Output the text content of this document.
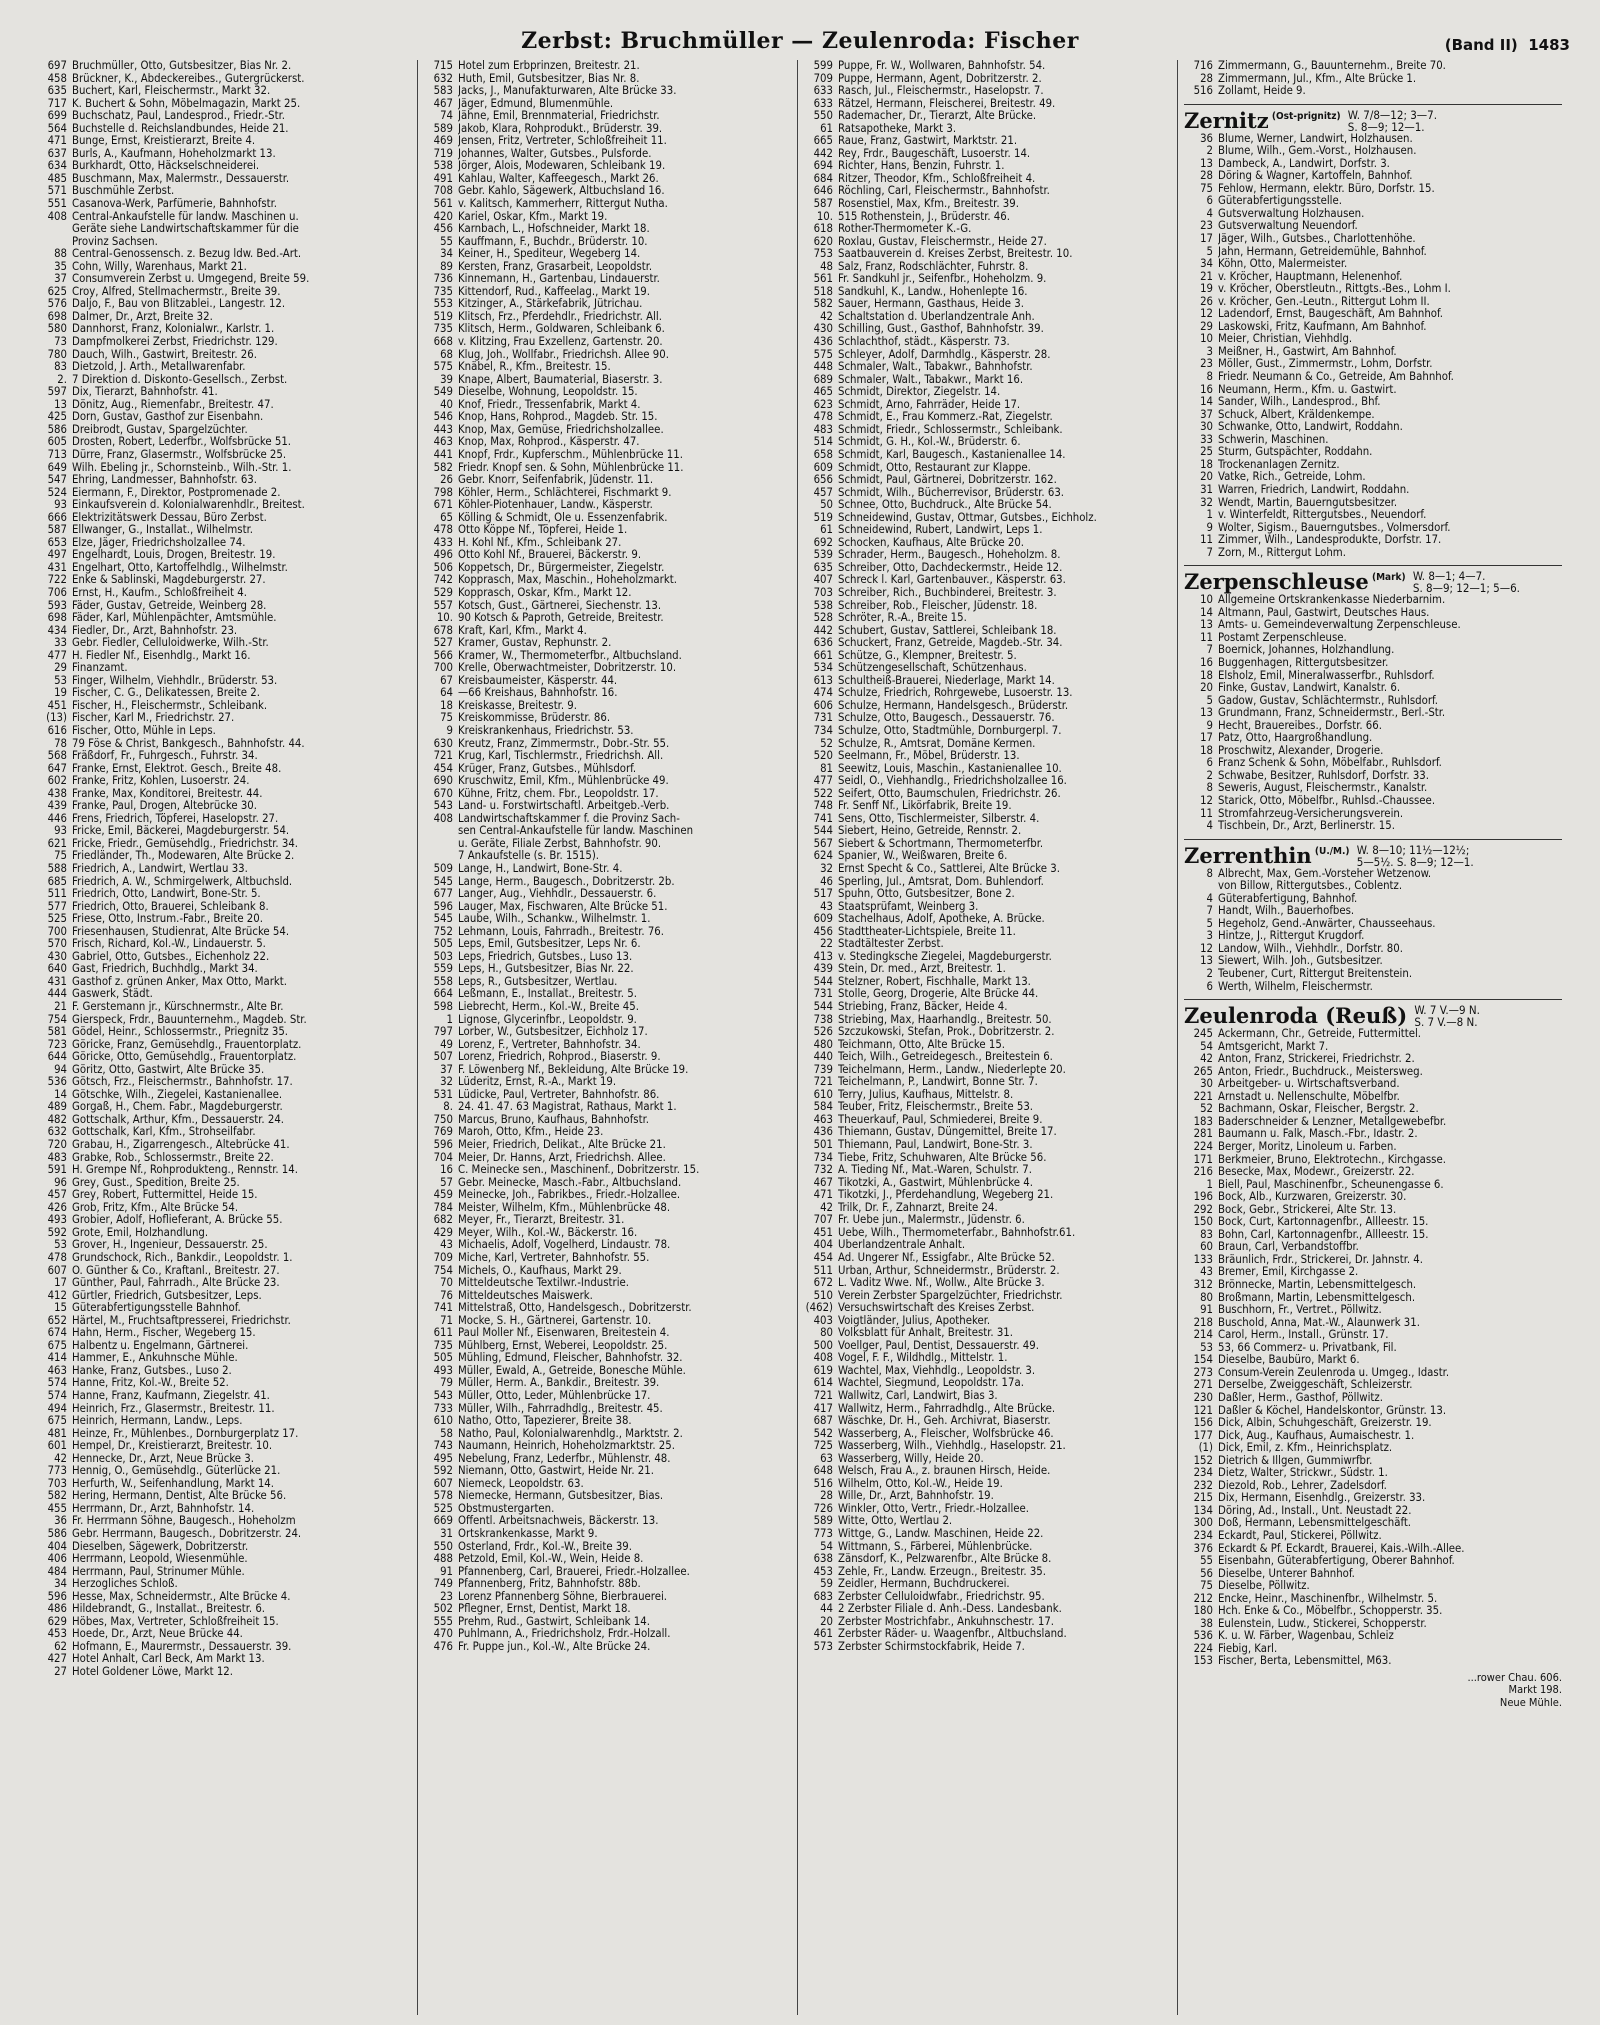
Zerbst: Bruchmüller — Zeulenroda: Fischer	(Band II) 1483
697 Bruchmüller, Otto, Gutsbesitzer, Bias Nr. 2.
458 Brückner, K., Abdeckereibes., Gutergrückerst.
635 Buchert, Karl, Fleischermstr., Markt 32.
717 K. Buchert & Sohn, Möbelmagazin, Markt 25.
699 Buchschatz, Paul, Landesprod., Friedr.-Str.
564 Buchstelle d. Reichslandbundes, Heide 21.
471 Bunge, Ernst, Kreistierarzt, Breite 4.
637 Burls, A., Kaufmann, Hoheholzmarkt 13.
634 Burkhardt, Otto, Häckselschneiderei.
485 Buschmann, Max, Malermstr., Dessauerstr.
571 Buschmühle Zerbst.
551 Casanova-Werk, Parfümerie, Bahnhofstr.
408 Central-Ankaufstelle für landw. Maschinen u.
Geräte siehe Landwirtschaftskammer für die
Provinz Sachsen.
88 Central-Genossensch. z. Bezug ldw. Bed.-Art.
35 Cohn, Willy, Warenhaus, Markt 21.
37 Consumverein Zerbst u. Umgegend, Breite 59.
625 Croy, Alfred, Stellmachermstr., Breite 39.
576 Daljo, F., Bau von Blitzablei., Langestr. 12.
698 Dalmer, Dr., Arzt, Breite 32.
580 Dannhorst, Franz, Kolonialwr., Karlstr. 1.
73 Dampfmolkerei Zerbst, Friedrichstr. 129.
780 Dauch, Wilh., Gastwirt, Breitestr. 26.
83 Dietzold, J. Arth., Metallwarenfabr.
2. 7 Direktion d. Diskonto-Gesellsch., Zerbst.
597 Dix, Tierarzt, Bahnhofstr. 41.
13 Dönitz, Aug., Riemenfabr., Breitestr. 47.
425 Dorn, Gustav, Gasthof zur Eisenbahn.
586 Dreibrodt, Gustav, Spargelzüchter.
605 Drosten, Robert, Lederfbr., Wolfsbrücke 51.
713 Dürre, Franz, Glasermstr., Wolfsbrücke 25.
649 Wilh. Ebeling jr., Schornsteinb., Wilh.-Str. 1.
547 Ehring, Landmesser, Bahnhofstr. 63.
524 Eiermann, F., Direktor, Postpromenade 2.
93 Einkaufsverein d. Kolonialwarenhdlr., Breitest.
666 Elektrizitätswerk Dessau, Büro Zerbst.
587 Ellwanger, G., Installat., Wilhelmstr.
653 Elze, Jäger, Friedrichsholzallee 74.
497 Engelhardt, Louis, Drogen, Breitestr. 19.
431 Engelhart, Otto, Kartoffelhdlg., Wilhelmstr.
722 Enke & Sablinski, Magdeburgerstr. 27.
706 Ernst, H., Kaufm., Schloßfreiheit 4.
593 Fäder, Gustav, Getreide, Weinberg 28.
698 Fäder, Karl, Mühlenpächter, Amtsmühle.
434 Fiedler, Dr., Arzt, Bahnhofstr. 23.
33 Gebr. Fiedler, Celluloidwerke, Wilh.-Str.
477 H. Fiedler Nf., Eisenhdlg., Markt 16.
29 Finanzamt.
53 Finger, Wilhelm, Viehhdlr., Brüderstr. 53.
19 Fischer, C. G., Delikatessen, Breite 2.
451 Fischer, H., Fleischermstr., Schleibank.
(13) Fischer, Karl M., Friedrichstr. 27.
616 Fischer, Otto, Mühle in Leps.
78 79 Föse & Christ, Bankgesch., Bahnhofstr. 44.
568 Fräßdorf, Fr., Fuhrgesch., Fuhrstr. 34.
647 Franke, Ernst, Elektrot. Gesch., Breite 48.
602 Franke, Fritz, Kohlen, Lusoerstr. 24.
438 Franke, Max, Konditorei, Breitestr. 44.
439 Franke, Paul, Drogen, Altebrücke 30.
446 Frens, Friedrich, Töpferei, Haselopstr. 27.
93 Fricke, Emil, Bäckerei, Magdeburgerstr. 54.
621 Fricke, Friedr., Gemüsehdlg., Friedrichstr. 34.
75 Friedländer, Th., Modewaren, Alte Brücke 2.
588 Friedrich, A., Landwirt, Wertlau 33.
685 Friedrich, A. W., Schmirgelwerk, Altbuchsld.
511 Friedrich, Otto, Landwirt, Bone-Str. 5.
577 Friedrich, Otto, Brauerei, Schleibank 8.
525 Friese, Otto, Instrum.-Fabr., Breite 20.
700 Friesenhausen, Studienrat, Alte Brücke 54.
570 Frisch, Richard, Kol.-W., Lindauerstr. 5.
430 Gabriel, Otto, Gutsbes., Eichenholz 22.
640 Gast, Friedrich, Buchhdlg., Markt 34.
431 Gasthof z. grünen Anker, Max Otto, Markt.
444 Gaswerk, Städt.
21 F. Gerstemann jr., Kürschnermstr., Alte Br.
754 Gierspeck, Frdr., Bauunternehm., Magdeb. Str.
581 Gödel, Heinr., Schlossermstr., Priegnitz 35.
723 Göricke, Franz, Gemüsehdlg., Frauentorplatz.
644 Göricke, Otto, Gemüsehdlg., Frauentorplatz.
94 Göritz, Otto, Gastwirt, Alte Brücke 35.
536 Götsch, Frz., Fleischermstr., Bahnhofstr. 17.
14 Götschke, Wilh., Ziegelei, Kastanienallee.
489 Gorgaß, H., Chem. Fabr., Magdeburgerstr.
482 Gottschalk, Arthur, Kfm., Dessauerstr. 24.
632 Gottschalk, Karl, Kfm., Strohseilfabr.
720 Grabau, H., Zigarrengesch., Altebrücke 41.
483 Grabke, Rob., Schlossermstr., Breite 22.
591 H. Grempe Nf., Rohprodukteng., Rennstr. 14.
96 Grey, Gust., Spedition, Breite 25.
457 Grey, Robert, Futtermittel, Heide 15.
426 Grob, Fritz, Kfm., Alte Brücke 54.
493 Grobier, Adolf, Hoflieferant, A. Brücke 55.
592 Grote, Emil, Holzhandlung.
53 Grover, H., Ingenieur, Dessauerstr. 25.
478 Grundschock, Rich., Bankdir., Leopoldstr. 1.
607 O. Günther & Co., Kraftanl., Breitestr. 27.
17 Günther, Paul, Fahrradh., Alte Brücke 23.
412 Gürtler, Friedrich, Gutsbesitzer, Leps.
15 Güterabfertigungsstelle Bahnhof.
652 Härtel, M., Fruchtsaftpresserei, Friedrichstr.
674 Hahn, Herm., Fischer, Wegeberg 15.
675 Halbentz u. Engelmann, Gärtnerei.
414 Hammer, E., Ankuhnsche Mühle.
463 Hanke, Franz, Gutsbes., Luso 2.
574 Hanne, Fritz, Kol.-W., Breite 52.
574 Hanne, Franz, Kaufmann, Ziegelstr. 41.
494 Heinrich, Frz., Glasermstr., Breitestr. 11.
675 Heinrich, Hermann, Landw., Leps.
481 Heinze, Fr., Mühlenbes., Dornburgerplatz 17.
601 Hempel, Dr., Kreistierarzt, Breitestr. 10.
42 Hennecke, Dr., Arzt, Neue Brücke 3.
773 Hennig, O., Gemüsehdlg., Güterlücke 21.
703 Herfurth, W., Seifenhandlung, Markt 14.
582 Hering, Hermann, Dentist, Alte Brücke 56.
455 Herrmann, Dr., Arzt, Bahnhofstr. 14.
36 Fr. Herrmann Söhne, Baugesch., Hoheholzm
586 Gebr. Herrmann, Baugesch., Dobritzerstr. 24.
404 Dieselben, Sägewerk, Dobritzerstr.
406 Herrmann, Leopold, Wiesenmühle.
484 Herrmann, Paul, Strinumer Mühle.
34 Herzogliches Schloß.
596 Hesse, Max, Schneidermstr., Alte Brücke 4.
486 Hildebrandt, G., Installat., Breitestr. 6.
629 Höbes, Max, Vertreter, Schloßfreiheit 15.
453 Hoede, Dr., Arzt, Neue Brücke 44.
62 Hofmann, E., Maurermstr., Dessauerstr. 39.
427 Hotel Anhalt, Carl Beck, Am Markt 13.
27 Hotel Goldener Löwe, Markt 12.
715 Hotel zum Erbprinzen, Breitestr. 21.
632 Huth, Emil, Gutsbesitzer, Bias Nr. 8.
583 Jacks, J., Manufakturwaren, Alte Brücke 33.
467 Jäger, Edmund, Blumenmühle.
74 Jähne, Emil, Brennmaterial, Friedrichstr.
589 Jakob, Klara, Rohprodukt., Brüderstr. 39.
469 Jensen, Fritz, Vertreter, Schloßfreiheit 11.
719 Johannes, Walter, Gutsbes., Pulsforde.
538 Jörger, Alois, Modewaren, Schleibank 19.
491 Kahlau, Walter, Kaffeegesch., Markt 26.
708 Gebr. Kahlo, Sägewerk, Altbuchsland 16.
561 v. Kalitsch, Kammerherr, Rittergut Nutha.
420 Kariel, Oskar, Kfm., Markt 19.
456 Karnbach, L., Hofschneider, Markt 18.
55 Kauffmann, F., Buchdr., Brüderstr. 10.
34 Keiner, H., Spediteur, Wegeberg 14.
89 Kersten, Franz, Grasarbeit, Leopoldstr.
736 Kinnemann, H., Gartenbau, Lindauerstr.
735 Kittendorf, Rud., Kaffeelag., Markt 19.
553 Kitzinger, A., Stärkefabrik, Jütrichau.
519 Klitsch, Frz., Pferdehdlr., Friedrichstr. All.
735 Klitsch, Herm., Goldwaren, Schleibank 6.
668 v. Klitzing, Frau Exzellenz, Gartenstr. 20.
68 Klug, Joh., Wollfabr., Friedrichsh. Allee 90.
575 Knäbel, R., Kfm., Breitestr. 15.
39 Knape, Albert, Baumaterial, Biaserstr. 3.
549 Dieselbe, Wohnung, Leopoldstr. 15.
40 Knof, Friedr., Tressenfabrik, Markt 4.
546 Knop, Hans, Rohprod., Magdeb. Str. 15.
443 Knop, Max, Gemüse, Friedrichsholzallee.
463 Knop, Max, Rohprod., Käsperstr. 47.
441 Knopf, Frdr., Kupferschm., Mühlenbrücke 11.
582 Friedr. Knopf sen. & Sohn, Mühlenbrücke 11.
26 Gebr. Knorr, Seifenfabrik, Jüdenstr. 11.
798 Köhler, Herm., Schlächterei, Fischmarkt 9.
671 Köhler-Piotenhauer, Landw., Käsperstr.
65 Kölling & Schmidt, Öle u. Essenzenfabrik.
478 Otto Köppe Nf., Töpferei, Heide 1.
433 H. Kohl Nf., Kfm., Schleibank 27.
496 Otto Kohl Nf., Brauerei, Bäckerstr. 9.
506 Koppetsch, Dr., Bürgermeister, Ziegelstr.
742 Kopprasch, Max, Maschin., Hoheholzmarkt.
529 Kopprasch, Oskar, Kfm., Markt 12.
557 Kotsch, Gust., Gärtnerei, Siechenstr. 13.
10. 90 Kotsch & Paproth, Getreide, Breitestr.
678 Kraft, Karl, Kfm., Markt 4.
527 Kramer, Gustav, Rephunstr. 2.
566 Kramer, W., Thermometerfbr., Altbuchsland.
700 Krelle, Oberwachtmeister, Dobritzerstr. 10.
67 Kreisbaumeister, Käsperstr. 44.
64 —66 Kreishaus, Bahnhofstr. 16.
18 Kreiskasse, Breitestr. 9.
75 Kreiskommisse, Brüderstr. 86.
9 Kreiskrankenhaus, Friedrichstr. 53.
630 Kreutz, Franz, Zimmermstr., Dobr.-Str. 55.
721 Krug, Karl, Tischlermstr., Friedrichsh. All.
454 Krüger, Franz, Gutsbes., Mühlsdorf.
690 Kruschwitz, Emil, Kfm., Mühlenbrücke 49.
670 Kühne, Fritz, chem. Fbr., Leopoldstr. 17.
543 Land- u. Forstwirtschaftl. Arbeitgeb.-Verb.
408 Landwirtschaftskammer f. die Provinz Sach-
sen Central-Ankaufstelle für landw. Maschinen
u. Geräte, Filiale Zerbst, Bahnhofstr. 90.
7 Ankaufstelle (s. Br. 1515).
509 Lange, H., Landwirt, Bone-Str. 4.
545 Lange, Herm., Baugesch., Dobritzerstr. 2b.
677 Langer, Aug., Viehhdlr., Dessauerstr. 6.
596 Lauger, Max, Fischwaren, Alte Brücke 51.
545 Laube, Wilh., Schankw., Wilhelmstr. 1.
752 Lehmann, Louis, Fahrradh., Breitestr. 76.
505 Leps, Emil, Gutsbesitzer, Leps Nr. 6.
503 Leps, Friedrich, Gutsbes., Luso 13.
559 Leps, H., Gutsbesitzer, Bias Nr. 22.
558 Leps, R., Gutsbesitzer, Wertlau.
664 Leßmann, E., Installat., Breitestr. 5.
598 Liebrecht, Herm., Kol.-W., Breite 45.
1 Lignose, Glycerinfbr., Leopoldstr. 9.
797 Lorber, W., Gutsbesitzer, Eichholz 17.
49 Lorenz, F., Vertreter, Bahnhofstr. 34.
507 Lorenz, Friedrich, Rohprod., Biaserstr. 9.
37 F. Löwenberg Nf., Bekleidung, Alte Brücke 19.
32 Lüderitz, Ernst, R.-A., Markt 19.
531 Lüdicke, Paul, Vertreter, Bahnhofstr. 86.
8. 24. 41. 47. 63 Magistrat, Rathaus, Markt 1.
750 Marcus, Bruno, Kaufhaus, Bahnhofstr.
769 Maroh, Otto, Kfm., Heide 23.
596 Meier, Friedrich, Delikat., Alte Brücke 21.
704 Meier, Dr. Hanns, Arzt, Friedrichsh. Allee.
16 C. Meinecke sen., Maschinenf., Dobritzerstr. 15.
57 Gebr. Meinecke, Masch.-Fabr., Altbuchsland.
459 Meinecke, Joh., Fabrikbes., Friedr.-Holzallee.
784 Meister, Wilhelm, Kfm., Mühlenbrücke 48.
682 Meyer, Fr., Tierarzt, Breitestr. 31.
429 Meyer, Wilh., Kol.-W., Bäckerstr. 16.
43 Michaelis, Adolf, Vogelherd, Lindaustr. 78.
709 Miche, Karl, Vertreter, Bahnhofstr. 55.
754 Michels, O., Kaufhaus, Markt 29.
70 Mitteldeutsche Textilwr.-Industrie.
76 Mitteldeutsches Maiswerk.
741 Mittelstraß, Otto, Handelsgesch., Dobritzerstr.
71 Mocke, S. H., Gärtnerei, Gartenstr. 10.
611 Paul Moller Nf., Eisenwaren, Breitestein 4.
735 Mühlberg, Ernst, Weberei, Leopoldstr. 25.
505 Mühling, Edmund, Fleischer, Bahnhofstr. 32.
493 Müller, Ewald, A., Getreide, Bonesche Mühle.
79 Müller, Herm. A., Bankdir., Breitestr. 39.
543 Müller, Otto, Leder, Mühlenbrücke 17.
733 Müller, Wilh., Fahrradhdlg., Breitestr. 45.
610 Natho, Otto, Tapezierer, Breite 38.
58 Natho, Paul, Kolonialwarenhdlg., Marktstr. 2.
743 Naumann, Heinrich, Hoheholzmarktstr. 25.
495 Nebelung, Franz, Lederfbr., Mühlenstr. 48.
592 Niemann, Otto, Gastwirt, Heide Nr. 21.
607 Niemeck, Leopoldstr. 63.
578 Niemecke, Hermann, Gutsbesitzer, Bias.
525 Obstmustergarten.
669 Öffentl. Arbeitsnachweis, Bäckerstr. 13.
31 Ortskrankenkasse, Markt 9.
550 Osterland, Frdr., Kol.-W., Breite 39.
488 Petzold, Emil, Kol.-W., Wein, Heide 8.
91 Pfannenberg, Carl, Brauerei, Friedr.-Holzallee.
749 Pfannenberg, Fritz, Bahnhofstr. 88b.
23 Lorenz Pfannenberg Söhne, Bierbrauerei.
502 Pflegner, Ernst, Dentist, Markt 18.
555 Prehm, Rud., Gastwirt, Schleibank 14.
470 Puhlmann, A., Friedrichsholz, Frdr.-Holzall.
476 Fr. Puppe jun., Kol.-W., Alte Brücke 24.
599 Puppe, Fr. W., Wollwaren, Bahnhofstr. 54.
709 Puppe, Hermann, Agent, Dobritzerstr. 2.
633 Rasch, Jul., Fleischermstr., Haselopstr. 7.
633 Rätzel, Hermann, Fleischerei, Breitestr. 49.
550 Rademacher, Dr., Tierarzt, Alte Brücke.
61 Ratsapotheke, Markt 3.
665 Raue, Franz, Gastwirt, Marktstr. 21.
442 Rey, Frdr., Baugeschäft, Lusoerstr. 14.
694 Richter, Hans, Benzin, Fuhrstr. 1.
684 Ritzer, Theodor, Kfm., Schloßfreiheit 4.
646 Röchling, Carl, Fleischermstr., Bahnhofstr.
587 Rosenstiel, Max, Kfm., Breitestr. 39.
10. 515 Rothenstein, J., Brüderstr. 46.
618 Rother-Thermometer K.-G.
620 Roxlau, Gustav, Fleischermstr., Heide 27.
753 Saatbauverein d. Kreises Zerbst, Breitestr. 10.
48 Salz, Franz, Rodschlächter, Fuhrstr. 8.
561 Fr. Sandkuhl jr., Seifenfbr., Hoheholzm. 9.
518 Sandkuhl, K., Landw., Hohenlepte 16.
582 Sauer, Hermann, Gasthaus, Heide 3.
42 Schaltstation d. Überlandzentrale Anh.
430 Schilling, Gust., Gasthof, Bahnhofstr. 39.
436 Schlachthof, städt., Käsperstr. 73.
575 Schleyer, Adolf, Darmhdlg., Käsperstr. 28.
448 Schmaler, Walt., Tabakwr., Bahnhofstr.
689 Schmaler, Walt., Tabakwr., Markt 16.
465 Schmidt, Direktor, Ziegelstr. 14.
623 Schmidt, Arno, Fahrräder, Heide 17.
478 Schmidt, E., Frau Kommerz.-Rat, Ziegelstr.
483 Schmidt, Friedr., Schlossermstr., Schleibank.
514 Schmidt, G. H., Kol.-W., Brüderstr. 6.
658 Schmidt, Karl, Baugesch., Kastanienallee 14.
609 Schmidt, Otto, Restaurant zur Klappe.
656 Schmidt, Paul, Gärtnerei, Dobritzerstr. 162.
457 Schmidt, Wilh., Bücherrevisor, Brüderstr. 63.
50 Schnee, Otto, Buchdruck., Alte Brücke 54.
519 Schneidewind, Gustav, Ottmar, Gutsbes., Eichholz.
61 Schneidewind, Rubert, Landwirt, Leps 1.
692 Schocken, Kaufhaus, Alte Brücke 20.
539 Schrader, Herm., Baugesch., Hoheholzm. 8.
635 Schreiber, Otto, Dachdeckermstr., Heide 12.
407 Schreck l. Karl, Gartenbauver., Käsperstr. 63.
703 Schreiber, Rich., Buchbinderei, Breitestr. 3.
538 Schreiber, Rob., Fleischer, Jüdenstr. 18.
528 Schröter, R.-A., Breite 15.
442 Schubert, Gustav, Sattlerei, Schleibank 18.
636 Schuckert, Franz, Getreide, Magdeb.-Str. 34.
661 Schütze, G., Klempner, Breitestr. 5.
534 Schützengesellschaft, Schützenhaus.
613 Schultheiß-Brauerei, Niederlage, Markt 14.
474 Schulze, Friedrich, Rohrgewebe, Lusoerstr. 13.
606 Schulze, Hermann, Handelsgesch., Brüderstr.
731 Schulze, Otto, Baugesch., Dessauerstr. 76.
734 Schulze, Otto, Stadtmühle, Dornburgerpl. 7.
52 Schulze, R., Amtsrat, Domäne Kermen.
520 Seelmann, Fr., Möbel, Brüderstr. 13.
81 Seewitz, Louis, Maschin., Kastanienallee 10.
477 Seidl, O., Viehhandlg., Friedrichsholzallee 16.
522 Seifert, Otto, Baumschulen, Friedrichstr. 26.
748 Fr. Senff Nf., Likörfabrik, Breite 19.
741 Sens, Otto, Tischlermeister, Silberstr. 4.
544 Siebert, Heino, Getreide, Rennstr. 2.
567 Siebert & Schortmann, Thermometerfbr.
624 Spanier, W., Weißwaren, Breite 6.
32 Ernst Specht & Co., Sattlerei, Alte Brücke 3.
46 Sperling, Jul., Amtsrat, Dom. Buhlendorf.
517 Spuhn, Otto, Gutsbesitzer, Bone 2.
43 Staatsprüfamt, Weinberg 3.
609 Stachelhaus, Adolf, Apotheke, A. Brücke.
456 Stadttheater-Lichtspiele, Breite 11.
22 Stadtältester Zerbst.
413 v. Stedingksche Ziegelei, Magdeburgerstr.
439 Stein, Dr. med., Arzt, Breitestr. 1.
544 Stelzner, Robert, Fischhalle, Markt 13.
731 Stolle, Georg, Drogerie, Alte Brücke 44.
544 Striebing, Franz, Bäcker, Heide 4.
738 Striebing, Max, Haarhandlg., Breitestr. 50.
526 Szczukowski, Stefan, Prok., Dobritzerstr. 2.
480 Teichmann, Otto, Alte Brücke 15.
440 Teich, Wilh., Getreidegesch., Breitestein 6.
739 Teichelmann, Herm., Landw., Niederlepte 20.
721 Teichelmann, P., Landwirt, Bonne Str. 7.
610 Terry, Julius, Kaufhaus, Mittelstr. 8.
584 Teuber, Fritz, Fleischermstr., Breite 53.
463 Theuerkauf, Paul, Schmiederei, Breite 9.
436 Thiemann, Gustav, Düngemittel, Breite 17.
501 Thiemann, Paul, Landwirt, Bone-Str. 3.
734 Tiebe, Fritz, Schuhwaren, Alte Brücke 56.
732 A. Tieding Nf., Mat.-Waren, Schulstr. 7.
467 Tikotzki, A., Gastwirt, Mühlenbrücke 4.
471 Tikotzki, J., Pferdehandlung, Wegeberg 21.
42 Trilk, Dr. F., Zahnarzt, Breite 24.
707 Fr. Uebe jun., Malermstr., Jüdenstr. 6.
451 Uebe, Wilh., Thermometerfabr., Bahnhofstr.61.
404 Überlandzentrale Anhalt.
454 Ad. Ungerer Nf., Essigfabr., Alte Brücke 52.
511 Urban, Arthur, Schneidermstr., Brüderstr. 2.
672 L. Vaditz Wwe. Nf., Wollw., Alte Brücke 3.
510 Verein Zerbster Spargelzüchter, Friedrichstr.
(462) Versuchswirtschaft des Kreises Zerbst.
403 Voigtländer, Julius, Apotheker.
80 Volksblatt für Anhalt, Breitestr. 31.
500 Voellger, Paul, Dentist, Dessauerstr. 49.
408 Vogel, F. F., Wildhdlg., Mittelstr. 1.
619 Wachtel, Max, Viehhdlg., Leopoldstr. 3.
614 Wachtel, Siegmund, Leopoldstr. 17a.
721 Wallwitz, Carl, Landwirt, Bias 3.
417 Wallwitz, Herm., Fahrradhdlg., Alte Brücke.
687 Wäschke, Dr. H., Geh. Archivrat, Biaserstr.
542 Wasserberg, A., Fleischer, Wolfsbrücke 46.
725 Wasserberg, Wilh., Viehhdlg., Haselopstr. 21.
63 Wasserberg, Willy, Heide 20.
648 Welsch, Frau A., z. braunen Hirsch, Heide.
516 Wilhelm, Otto, Kol.-W., Heide 19.
28 Wille, Dr., Arzt, Bahnhofstr. 19.
726 Winkler, Otto, Vertr., Friedr.-Holzallee.
589 Witte, Otto, Wertlau 2.
773 Wittge, G., Landw. Maschinen, Heide 22.
54 Wittmann, S., Färberei, Mühlenbrücke.
638 Zänsdorf, K., Pelzwarenfbr., Alte Brücke 8.
453 Zehle, Fr., Landw. Erzeugn., Breitestr. 35.
59 Zeidler, Hermann, Buchdruckerei.
683 Zerbster Celluloidwfabr., Friedrichstr. 95.
44 2 Zerbster Filiale d. Anh.-Dess. Landesbank.
20 Zerbster Mostrichfabr., Ankuhnschestr. 17.
461 Zerbster Räder- u. Waagenfbr., Altbuchsland.
573 Zerbster Schirmstockfabrik, Heide 7.
716 Zimmermann, G., Bauunternehm., Breite 70.
28 Zimmermann, Jul., Kfm., Alte Brücke 1.
516 Zollamt, Heide 9.
Zernitz (Ost-prignitz) W. 7/8—12; 3—7.
S. 8—9; 12—1.
36 Blume, Werner, Landwirt, Holzhausen.
2 Blume, Wilh., Gem.-Vorst., Holzhausen.
13 Dambeck, A., Landwirt, Dorfstr. 3.
28 Döring & Wagner, Kartoffeln, Bahnhof.
75 Fehlow, Hermann, elektr. Büro, Dorfstr. 15.
6 Güterabfertigungsstelle.
4 Gutsverwaltung Holzhausen.
23 Gutsverwaltung Neuendorf.
17 Jäger, Wilh., Gutsbes., Charlottenhöhe.
5 Jahn, Hermann, Getreidemühle, Bahnhof.
34 Köhn, Otto, Malermeister.
21 v. Kröcher, Hauptmann, Helenenhof.
19 v. Kröcher, Oberstleutn., Rittgts.-Bes., Lohm I.
26 v. Kröcher, Gen.-Leutn., Rittergut Lohm II.
12 Ladendorf, Ernst, Baugeschäft, Am Bahnhof.
29 Laskowski, Fritz, Kaufmann, Am Bahnhof.
10 Meier, Christian, Viehhdlg.
3 Meißner, H., Gastwirt, Am Bahnhof.
23 Möller, Gust., Zimmermstr., Lohm, Dorfstr.
8 Friedr. Neumann & Co., Getreide, Am Bahnhof.
16 Neumann, Herm., Kfm. u. Gastwirt.
14 Sander, Wilh., Landesprod., Bhf.
37 Schuck, Albert, Kräldenkempe.
30 Schwanke, Otto, Landwirt, Roddahn.
33 Schwerin, Maschinen.
25 Sturm, Gutspächter, Roddahn.
18 Trockenanlagen Zernitz.
20 Vatke, Rich., Getreide, Lohm.
31 Warren, Friedrich, Landwirt, Roddahn.
32 Wendt, Martin, Bauerngutsbesitzer.
1 v. Winterfeldt, Rittergutsbes., Neuendorf.
9 Wolter, Sigism., Bauerngutsbes., Volmersdorf.
11 Zimmer, Wilh., Landesprodukte, Dorfstr. 17.
7 Zorn, M., Rittergut Lohm.
Zerpenschleuse (Mark) W. 8—1; 4—7.
S. 8—9; 12—1; 5—6.
10 Allgemeine Ortskrankenkasse Niederbarnim.
14 Altmann, Paul, Gastwirt, Deutsches Haus.
13 Amts- u. Gemeindeverwaltung Zerpenschleuse.
11 Postamt Zerpenschleuse.
7 Boernick, Johannes, Holzhandlung.
16 Buggenhagen, Rittergutsbesitzer.
18 Elsholz, Emil, Mineralwasserfbr., Ruhlsdorf.
20 Finke, Gustav, Landwirt, Kanalstr. 6.
5 Gadow, Gustav, Schlächtermstr., Ruhlsdorf.
13 Grundmann, Franz, Schneidermstr., Berl.-Str.
9 Hecht, Brauereibes., Dorfstr. 66.
17 Patz, Otto, Haargroßhandlung.
18 Proschwitz, Alexander, Drogerie.
6 Franz Schenk & Sohn, Möbelfabr., Ruhlsdorf.
2 Schwabe, Besitzer, Ruhlsdorf, Dorfstr. 33.
8 Seweris, August, Fleischermstr., Kanalstr.
12 Starick, Otto, Möbelfbr., Ruhlsd.-Chaussee.
11 Stromfahrzeug-Versicherungsverein.
4 Tischbein, Dr., Arzt, Berlinerstr. 15.
Zerrenthin (U./M.) W. 8—10; 11½—12½;
5—5½. S. 8—9; 12—1.
8 Albrecht, Max, Gem.-Vorsteher Wetzenow.
von Billow, Rittergutsbes., Coblentz.
4 Güterabfertigung, Bahnhof.
7 Handt, Wilh., Bauerhofbes.
5 Hegeholz, Gend.-Anwärter, Chausseehaus.
3 Hintze, J., Rittergut Krugdorf.
12 Landow, Wilh., Viehhdlr., Dorfstr. 80.
13 Siewert, Wilh. Joh., Gutsbesitzer.
2 Teubener, Curt, Rittergut Breitenstein.
6 Werth, Wilhelm, Fleischermstr.
Zeulenroda (Reuß) W. 7 V.—9 N.
S. 7 V.—8 N.
245 Ackermann, Chr., Getreide, Futtermittel.
54 Amtsgericht, Markt 7.
42 Anton, Franz, Strickerei, Friedrichstr. 2.
265 Anton, Friedr., Buchdruck., Meistersweg.
30 Arbeitgeber- u. Wirtschaftsverband.
221 Arnstadt u. Nellenschulte, Möbelfbr.
52 Bachmann, Oskar, Fleischer, Bergstr. 2.
183 Baderschneider & Lenzner, Metallgewebefbr.
281 Baumann u. Falk, Masch.-Fbr., Idastr. 2.
224 Berger, Moritz, Linoleum u. Farben.
171 Berkmeier, Bruno, Elektrotechn., Kirchgasse.
216 Besecke, Max, Modewr., Greizerstr. 22.
1 Biell, Paul, Maschinenfbr., Scheunengasse 6.
196 Bock, Alb., Kurzwaren, Greizerstr. 30.
292 Bock, Gebr., Strickerei, Alte Str. 13.
150 Bock, Curt, Kartonnagenfbr., Allleestr. 15.
83 Bohn, Carl, Kartonnagenfbr., Allleestr. 15.
60 Braun, Carl, Verbandstoffbr.
133 Bräunlich, Frdr., Strickerei, Dr. Jahnstr. 4.
43 Bremer, Emil, Kirchgasse 2.
312 Brönnecke, Martin, Lebensmittelgesch.
80 Broßmann, Martin, Lebensmittelgesch.
91 Buschhorn, Fr., Vertret., Pöllwitz.
218 Buschold, Anna, Mat.-W., Alaunwerk 31.
214 Carol, Herm., Install., Grünstr. 17.
53 53, 66 Commerz- u. Privatbank, Fil.
154 Dieselbe, Baubüro, Markt 6.
273 Consum-Verein Zeulenroda u. Umgeg., Idastr.
271 Derselbe, Zweiggeschäft, Schleizerstr.
230 Daßler, Herm., Gasthof, Pöllwitz.
121 Daßler & Köchel, Handelskontor, Grünstr. 13.
156 Dick, Albin, Schuhgeschäft, Greizerstr. 19.
177 Dick, Aug., Kaufhaus, Aumaischestr. 1.
(1) Dick, Emil, z. Kfm., Heinrichsplatz.
152 Dietrich & Illgen, Gummiwrfbr.
234 Dietz, Walter, Strickwr., Südstr. 1.
232 Diezold, Rob., Lehrer, Zadelsdorf.
215 Dix, Hermann, Eisenhdlg., Greizerstr. 33.
134 Döring, Ad., Install., Unt. Neustadt 22.
300 Doß, Hermann, Lebensmittelgeschäft.
234 Eckardt, Paul, Stickerei, Pöllwitz.
376 Eckardt & Pf. Eckardt, Brauerei, Kais.-Wilh.-Allee.
55 Eisenbahn, Güterabfertigung, Oberer Bahnhof.
56 Dieselbe, Unterer Bahnhof.
75 Dieselbe, Pöllwitz.
212 Encke, Heinr., Maschinenfbr., Wilhelmstr. 5.
180 Hch. Enke & Co., Möbelfbr., Schopperstr. 35.
38 Eulenstein, Ludw., Stickerei, Schopperstr.
536 K. u. W. Färber, Wagenbau, Schleiz
224 Fiebig, Karl.
153 Fischer, Berta, Lebensmittel, M63.
...rower Chau. 606.
Markt 198.
Neue Mühle.
